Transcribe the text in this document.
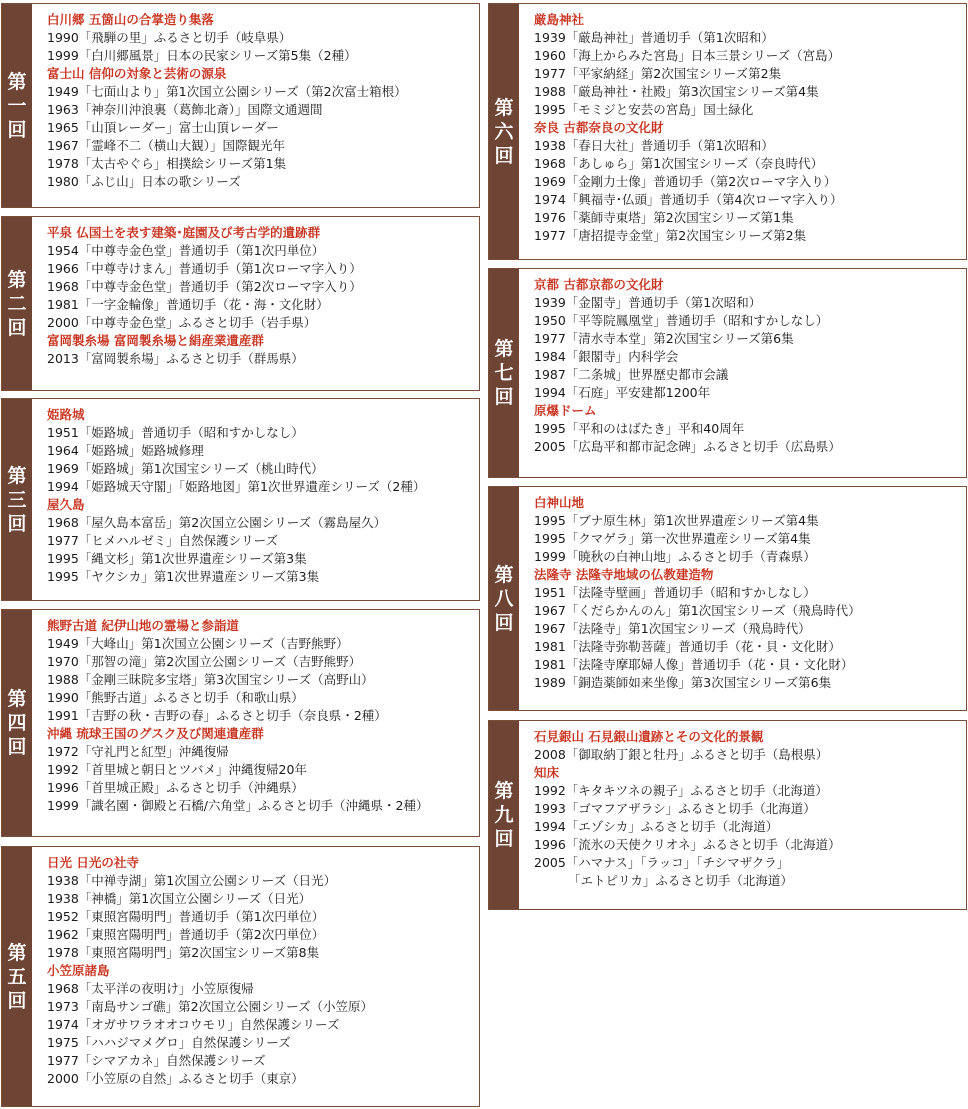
第一回
白川郷 五箇山の合掌造り集落
1990「飛騨の里」ふるさと切手（岐阜県）
1999「白川郷風景」日本の民家シリーズ第5集（2種）
富士山 信仰の対象と芸術の源泉
1949「七面山より」第1次国立公園シリーズ（第2次富士箱根）
1963「神奈川沖浪裏（葛飾北斎）」国際文通週間
1965「山頂レーダー」富士山頂レーダー
1967「霊峰不二（横山大観）」国際観光年
1978「太古やぐら」相撲絵シリーズ第1集
1980「ふじ山」日本の歌シリーズ
第二回
平泉 仏国土を表す建築･庭園及び考古学的遺跡群
1954「中尊寺金色堂」普通切手（第1次円単位）
1966「中尊寺けまん」普通切手（第1次ローマ字入り）
1968「中尊寺金色堂」普通切手（第2次ローマ字入り）
1981「一字金輪像」普通切手（花・海・文化財）
2000「中尊寺金色堂」ふるさと切手（岩手県）
富岡製糸場 富岡製糸場と絹産業遺産群
2013「富岡製糸場」ふるさと切手（群馬県）
第三回
姫路城
1951「姫路城」普通切手（昭和すかしなし）
1964「姫路城」姫路城修理
1969「姫路城」第1次国宝シリーズ（桃山時代）
1994「姫路城天守閣」「姫路地図」第1次世界遺産シリーズ（2種）
屋久島
1968「屋久島本富岳」第2次国立公園シリーズ（霧島屋久）
1977「ヒメハルゼミ」自然保護シリーズ
1995「縄文杉」第1次世界遺産シリーズ第3集
1995「ヤクシカ」第1次世界遺産シリーズ第3集
第四回
熊野古道 紀伊山地の霊場と参詣道
1949「大峰山」第1次国立公園シリーズ（吉野熊野）
1970「那智の滝」第2次国立公園シリーズ（吉野熊野）
1988「金剛三昧院多宝塔」第3次国宝シリーズ（高野山）
1990「熊野古道」ふるさと切手（和歌山県）
1991「吉野の秋・吉野の春」ふるさと切手（奈良県・2種）
沖縄 琉球王国のグスク及び関連遺産群
1972「守礼門と紅型」沖縄復帰
1992「首里城と朝日とツバメ」沖縄復帰20年
1996「首里城正殿」ふるさと切手（沖縄県）
1999「識名園・御殿と石橋/六角堂」ふるさと切手（沖縄県・2種）
第五回
日光 日光の社寺
1938「中禅寺湖」第1次国立公園シリーズ（日光）
1938「神橋」第1次国立公園シリーズ（日光）
1952「東照宮陽明門」普通切手（第1次円単位）
1962「東照宮陽明門」普通切手（第2次円単位）
1978「東照宮陽明門」第2次国宝シリーズ第8集
小笠原諸島
1968「太平洋の夜明け」小笠原復帰
1973「南島サンゴ礁」第2次国立公園シリーズ（小笠原）
1974「オガサワラオオコウモリ」自然保護シリーズ
1975「ハハジマメグロ」自然保護シリーズ
1977「シマアカネ」自然保護シリーズ
2000「小笠原の自然」ふるさと切手（東京）
第六回
厳島神社
1939「厳島神社」普通切手（第1次昭和）
1960「海上からみた宮島」日本三景シリーズ（宮島）
1977「平家納経」第2次国宝シリーズ第2集
1988「厳島神社・社殿」第3次国宝シリーズ第4集
1995「モミジと安芸の宮島」国土緑化
奈良 古都奈良の文化財
1938「春日大社」普通切手（第1次昭和）
1968「あしゅら」第1次国宝シリーズ（奈良時代）
1969「金剛力士像」普通切手（第2次ローマ字入り）
1974「興福寺･仏頭」普通切手（第4次ローマ字入り）
1976「薬師寺東塔」第2次国宝シリーズ第1集
1977「唐招提寺金堂」第2次国宝シリーズ第2集
第七回
京都 古都京都の文化財
1939「金閣寺」普通切手（第1次昭和）
1950「平等院鳳凰堂」普通切手（昭和すかしなし）
1977「清水寺本堂」第2次国宝シリーズ第6集
1984「銀閣寺」内科学会
1987「二条城」世界歴史都市会議
1994「石庭」平安建都1200年
原爆ドーム
1995「平和のはばたき」平和40周年
2005「広島平和都市記念碑」ふるさと切手（広島県）
第八回
白神山地
1995「ブナ原生林」第1次世界遺産シリーズ第4集
1995「クマゲラ」第一次世界遺産シリーズ第4集
1999「暁秋の白神山地」ふるさと切手（青森県）
法隆寺 法隆寺地域の仏教建造物
1951「法隆寺壁画」普通切手（昭和すかしなし）
1967「くだらかんのん」第1次国宝シリーズ（飛鳥時代）
1967「法隆寺」第1次国宝シリーズ（飛鳥時代）
1981「法隆寺弥勒菩薩」普通切手（花・貝・文化財）
1981「法隆寺摩耶婦人像」普通切手（花・貝・文化財）
1989「銅造薬師如来坐像」第3次国宝シリーズ第6集
第九回
石見銀山 石見銀山遺跡とその文化的景観
2008「御取納丁銀と牡丹」ふるさと切手（島根県）
知床
1992「キタキツネの親子」ふるさと切手（北海道）
1993「ゴマフアザラシ」ふるさと切手（北海道）
1994「エゾシカ」ふるさと切手（北海道）
1996「流氷の天使クリオネ」ふるさと切手（北海道）
2005「ハマナス」「ラッコ」「チシマザクラ」
「エトピリカ」ふるさと切手（北海道）
